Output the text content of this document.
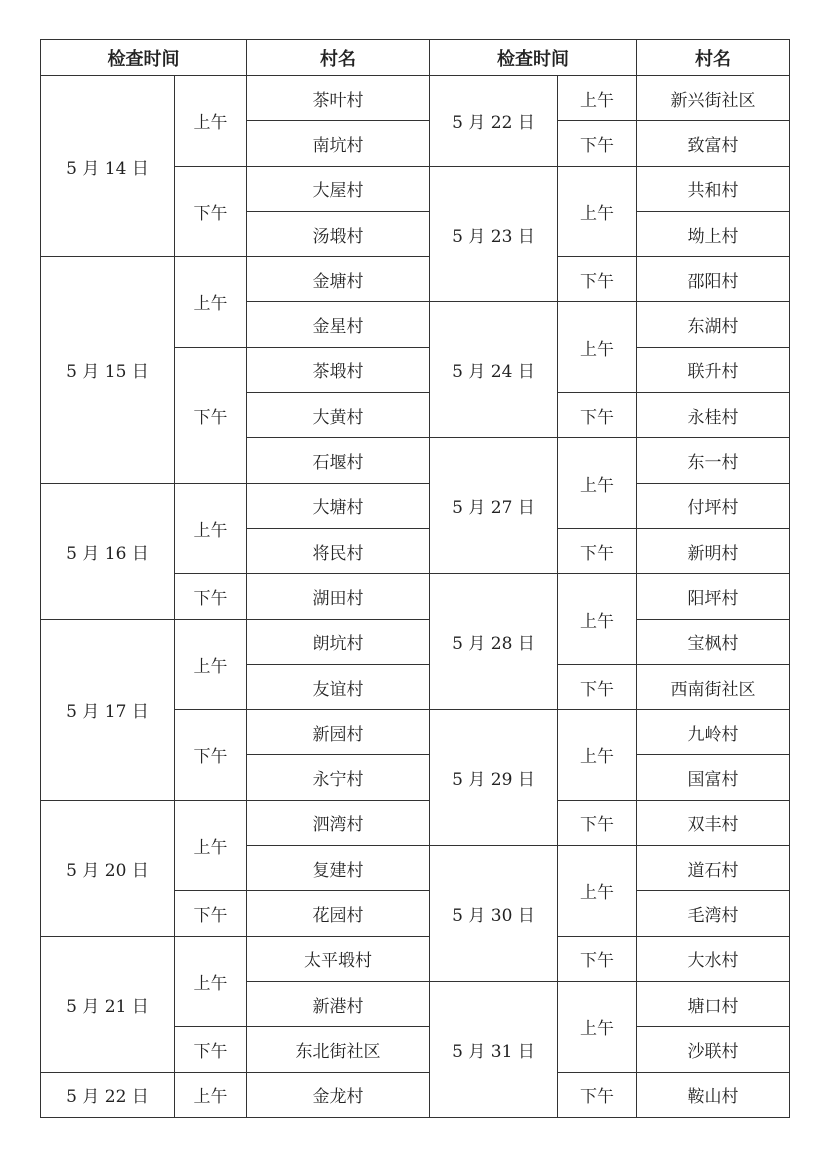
检查时间		村名	检查时间		村名
5 月 14 日	上午	茶叶村	5 月 22 日	上午	新兴街社区
		南坑村		下午	致富村
	下午	大屋村	5 月 23 日	上午	共和村
		汤塅村			坳上村
5 月 15 日	上午	金塘村		下午	邵阳村
		金星村	5 月 24 日	上午	东湖村
	下午	茶塅村			联升村
		大黄村		下午	永桂村
		石堰村	5 月 27 日	上午	东一村
5 月 16 日	上午	大塘村			付坪村
		将民村		下午	新明村
	下午	湖田村	5 月 28 日	上午	阳坪村
5 月 17 日	上午	朗坑村			宝枫村
		友谊村		下午	西南街社区
	下午	新园村	5 月 29 日	上午	九岭村
		永宁村			国富村
5 月 20 日	上午	泗湾村		下午	双丰村
		复建村	5 月 30 日	上午	道石村
	下午	花园村			毛湾村
5 月 21 日	上午	太平塅村		下午	大水村
		新港村	5 月 31 日	上午	塘口村
	下午	东北街社区			沙联村
5 月 22 日	上午	金龙村		下午	鞍山村
